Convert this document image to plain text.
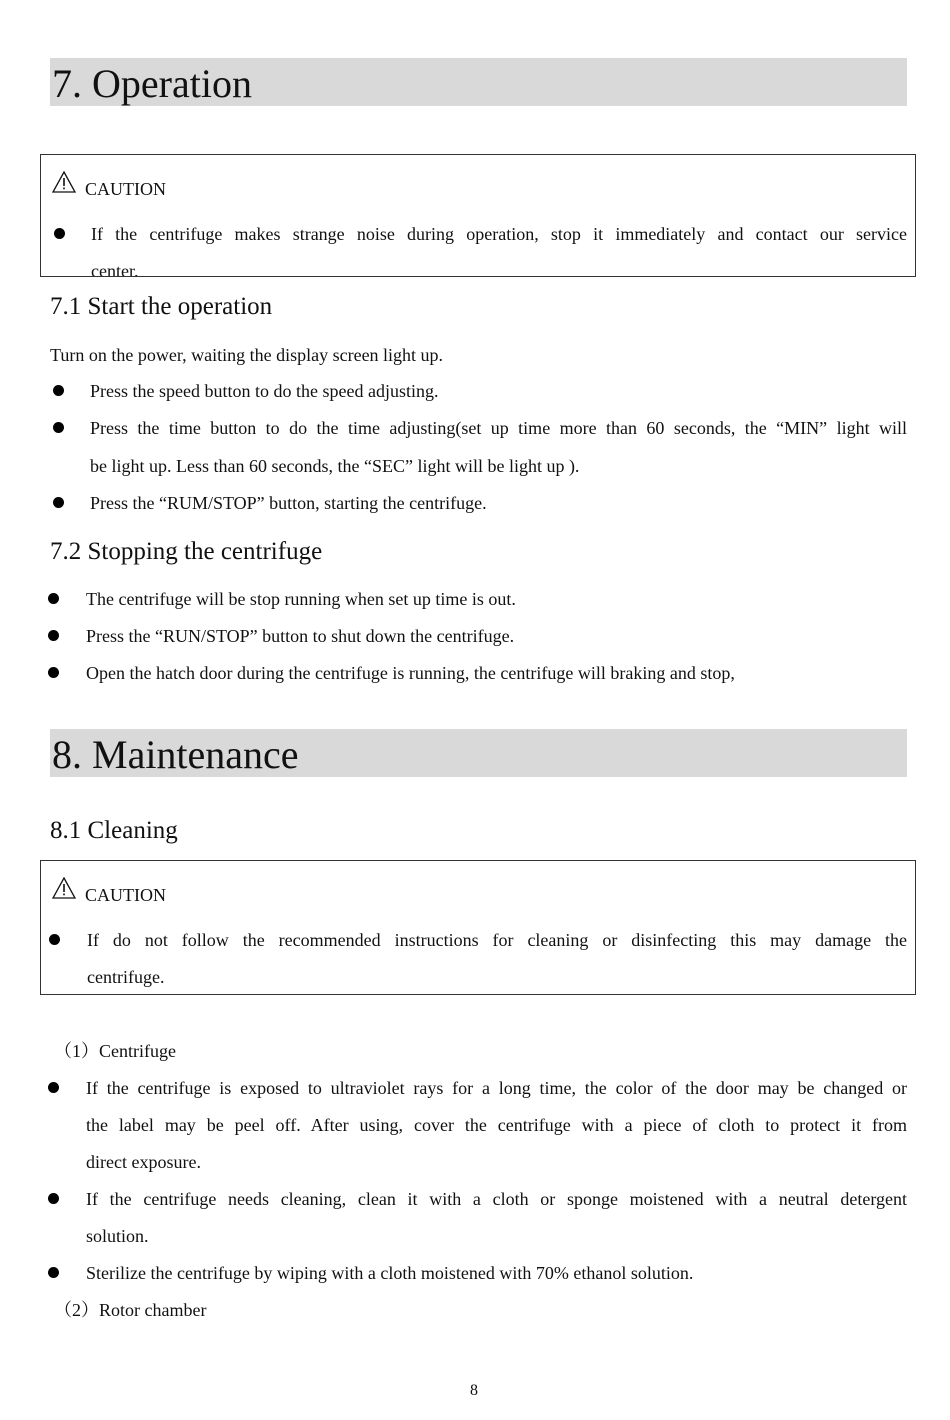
7. Operation
CAUTION
If the centrifuge makes strange noise during operation, stop it immediately and contact our service
center.
7.1 Start the operation
Turn on the power, waiting the display screen light up.
Press the speed button to do the speed adjusting.
Press the time button to do the time adjusting(set up time more than 60 seconds, the “MIN” light will
be light up. Less than 60 seconds, the “SEC” light will be light up ).
Press the “RUM/STOP” button, starting the centrifuge.
7.2 Stopping the centrifuge
The centrifuge will be stop running when set up time is out.
Press the “RUN/STOP” button to shut down the centrifuge.
Open the hatch door during the centrifuge is running, the centrifuge will braking and stop,
8. Maintenance
8.1 Cleaning
CAUTION
If do not follow the recommended instructions for cleaning or disinfecting this may damage the
centrifuge.
（1）Centrifuge
If the centrifuge is exposed to ultraviolet rays for a long time, the color of the door may be changed or
the label may be peel off. After using, cover the centrifuge with a piece of cloth to protect it from
direct exposure.
If the centrifuge needs cleaning, clean it with a cloth or sponge moistened with a neutral detergent
solution.
Sterilize the centrifuge by wiping with a cloth moistened with 70% ethanol solution.
（2）Rotor chamber
8
